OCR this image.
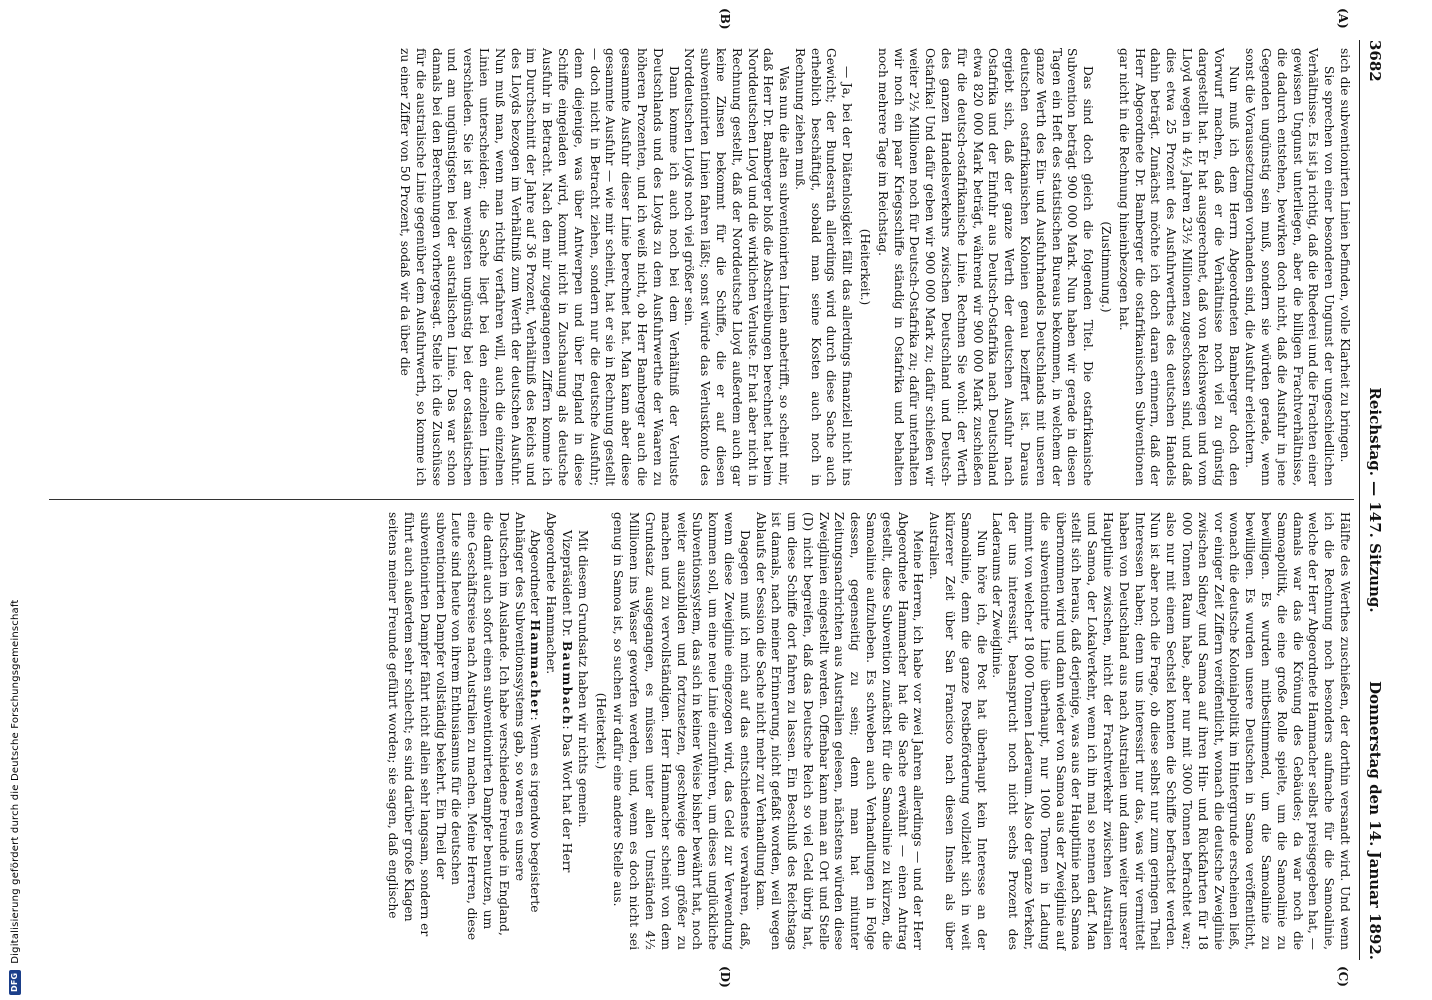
DFG
Digitalisierung gefördert durch die Deutsche Forschungsgemeinschaft
3682
Reichstag. — 147. Sitzung.
Donnerstag den 14. Januar 1892.
(A)
(B)
(C)
(D)

sich die subventionirten Linien befinden, volle Klarheit zu bringen.

Sie sprechen von einer besonderen Ungunst der ungeschiedlichen Verhältnisse. Es ist ja richtig, daß die Rhederei und die Frachten einer gewissen Ungunst unterliegen, aber die billigen Frachtverhältnisse, die dadurch entstehen, bewirken doch nicht, daß die Ausfuhr in jene Gegenden ungünstig sein muß, sondern sie würden gerade, wenn sonst die Voraussetzungen vorhanden sind, die Ausfuhr erleichtern.

Nun muß ich dem Herrn Abgeordneten Bamberger doch den Vorwurf machen, daß er die Verhältnisse noch viel zu günstig dargestellt hat. Er hat ausgerechnet, daß von Reichswegen und vom Lloyd wegen in 4½ Jahren 23½ Millionen zugeschossen sind, und daß dies etwa 25 Prozent des Ausfuhrwerthes des deutschen Handels dahin beträgt. Zunächst möchte ich doch daran erinnern, daß der Herr Abgeordnete Dr. Bamberger die ostafrikanischen Subventionen gar nicht in die Rechnung hineinbezogen hat.

(Zustimmung.)

Das sind doch gleich die folgenden Titel. Die ostafrikanische Subvention beträgt 900 000 Mark. Nun haben wir gerade in diesen Tagen ein Heft des statistischen Bureaus bekommen, in welchem der ganze Werth des Ein- und Ausfuhrhandels Deutschlands mit unseren deutschen ostafrikanischen Kolonien genau beziffert ist. Daraus ergiebt sich, daß der ganze Werth der deutschen Ausfuhr nach Ostafrika und der Einfuhr aus Deutsch-Ostafrika nach Deutschland etwa 820 000 Mark beträgt, während wir 900 000 Mark zuschießen für die deutsch-ostafrikanische Linie. Rechnen Sie wohl: der Werth des ganzen Handelsverkehrs zwischen Deutschland und Deutsch-Ostafrika! Und dafür geben wir 900 000 Mark zu; dafür schießen wir weiter 2½ Millionen noch für Deutsch-Ostafrika zu; dafür unterhalten wir noch ein paar Kriegsschiffe ständig in Ostafrika und behalten noch mehrere Tage im Reichstag.

(Heiterkeit.)

— Ja, bei der Diätenlosigkeit fällt das allerdings finanziell nicht ins Gewicht; der Bundesrath allerdings wird durch diese Sache auch erheblich beschäftigt, sobald man seine Kosten auch noch in Rechnung ziehen muß.

Was nun die alten subventionirten Linien anbetrifft, so scheint mir, daß Herr Dr. Bamberger bloß die Abschreibungen berechnet hat beim Norddeutschen Lloyd und die wirklichen Verluste. Er hat aber nicht in Rechnung gestellt, daß der Norddeutsche Lloyd außerdem auch gar keine Zinsen bekommt für die Schiffe, die er auf diesen subventionirten Linien fahren läßt; sonst würde das Verlustkonto des Norddeutschen Lloyds noch viel größer sein.

Dann komme ich auch noch bei dem Verhältniß der Verluste Deutschlands und des Lloyds zu dem Ausfuhrwerthe der Waaren zu höheren Prozenten, und ich weiß nicht, ob Herr Bamberger auch die gesammte Ausfuhr dieser Linie berechnet hat. Man kann aber diese gesammte Ausfuhr — wie mir scheint, hat er sie in Rechnung gestellt — doch nicht in Betracht ziehen, sondern nur die deutsche Ausfuhr; denn diejenige, was über Antwerpen und über England in diese Schiffe eingeladen wird, kommt nicht in Zuschauung als deutsche Ausfuhr in Betracht. Nach den mir zugegangenen Ziffern komme ich im Durchschnitt der Jahre auf 36 Prozent, Verhältniß des Reichs und des Lloyds bezogen im Verhältniß zum Werth der deutschen Ausfuhr. Nun muß man, wenn man richtig verfahren will, auch die einzelnen Linien unterscheiden; die Sache liegt bei den einzelnen Linien verschieden. Sie ist am wenigsten ungünstig bei der ostasiatischen und am ungünstigsten bei der australischen Linie. Das war schon damals bei den Berechnungen vorhergesagt. Stelle ich die Zuschüsse für die australische Linie gegenüber dem Ausfuhrwerth, so komme ich zu einer Ziffer von 50 Prozent, sodaß wir da über die

Hälfte des Werthes zuschießen, der dorthin versandt wird. Und wenn ich die Rechnung noch besonders aufmache für die Samoalinie, welche der Herr Abgeordnete Hammacher selbst preisgegeben hat, — damals war das die Krönung des Gebäudes; da war noch die Samoapolitik, die eine große Rolle spielte, um die Samoalinie zu bewilligen. Es wurden mitbestimmend, um die Samoalinie zu bewilligen. Es wurden unsere Deutschen in Samoa veröffentlicht, wonach die deutsche Kolonialpolitik im Hintergrunde erscheinen ließ, vor einiger Zeit Ziffern veröffentlicht, wonach die deutsche Zweiglinie zwischen Sidney und Samoa auf ihren Hin- und Rückfahrten für 18 000 Tonnen Raum habe, aber nur mit 3000 Tonnen befrachtet war; also nur mit einem Sechstel konnten die Schiffe befrachtet werden. Nun ist aber noch die Frage, ob diese selbst nur zum geringen Theil Interessen haben; denn uns interessirt nur das, was wir vermittelt haben von Deutschland aus nach Australien und dann weiter unserer Hauptlinie zwischen, nicht der Frachtverkehr zwischen Australien und Samoa, der Lokalverkehr, wenn ich ihn mal so nennen darf. Man stellt sich heraus, daß derjenige, was aus der Hauptlinie nach Samoa übernommen wird und dann wieder von Samoa aus der Zweiglinie auf die subventionirte Linie überhaupt, nur 1000 Tonnen in Ladung nimmt von welcher 18 000 Tonnen Laderaum. Also der ganze Verkehr, der uns interessirt, beansprucht noch nicht sechs Prozent des Laderaums der Zweiglinie.

Nun höre ich, die Post hat überhaupt kein Interesse an der Samoalinie, denn die ganze Postbeförderung vollzieht sich in weit kürzerer Zeit über San Francisco nach diesen Inseln als über Australien.

Meine Herren, ich habe vor zwei Jahren allerdings — und der Herr Abgeordnete Hammacher hat die Sache erwähnt — einen Antrag gestellt, diese Subvention zunächst für die Samoalinie zu kürzen, die Samoalinie aufzuheben. Es schweben auch Verhandlungen in Folge dessen, gegenseitig zu sein; denn man hat mitunter Zeitungsnachrichten aus Australien gelesen, nächstens würden diese Zweiglinien eingestellt werden. Offenbar kann man an Ort und Stelle (D) nicht begreifen, daß das Deutsche Reich so viel Geld übrig hat, um diese Schiffe dort fahren zu lassen. Ein Beschluß des Reichstags ist damals, nach meiner Erinnerung, nicht gefaßt worden, weil wegen Ablaufs der Session die Sache nicht mehr zur Verhandlung kam.

Dagegen muß ich mich auf das entschiedenste verwahren, daß, wenn diese Zweiglinie eingezogen wird, das Geld zur Verwendung kommen soll, um eine neue Linie einzuführen, um dieses unglückliche Subventionssystem, das sich in keiner Weise bisher bewährt hat, noch weiter auszubilden und fortzusetzen, geschweige denn größer zu machen und zu vervollständigen. Herr Hammacher scheint von dem Grundsatz ausgegangen, es müssen unter allen Umständen 4½ Millionen ins Wasser geworfen werden, und, wenn es doch nicht sei genug in Samoa ist, so suchen wir dafür eine andere Stelle aus.

(Heiterkeit.)

Mit diesem Grundsatz haben wir nichts gemein.

Vizepräsident Dr. Baumbach: Das Wort hat der Herr Abgeordnete Hammacher.

Abgeordneter Hammacher: Wenn es irgendwo begeisterte Anhänger des Subventionssystems gab, so waren es unsere Deutschen im Auslande. Ich habe verschiedene Freunde in England, die damit auch sofort einen subventionirten Dampfer benutzen, um eine Geschäftsreise nach Australien zu machen. Meine Herren, diese Leute sind heute von ihrem Enthusiasmus für die deutschen subventionirten Dampfer vollständig bekehrt. Ein Theil der subventionirten Dampfer fährt nicht allein sehr langsam, sondern er führt auch außerdem sehr schlecht; es sind darüber große Klagen seitens meiner Freunde geführt worden; sie sagen, daß englische
